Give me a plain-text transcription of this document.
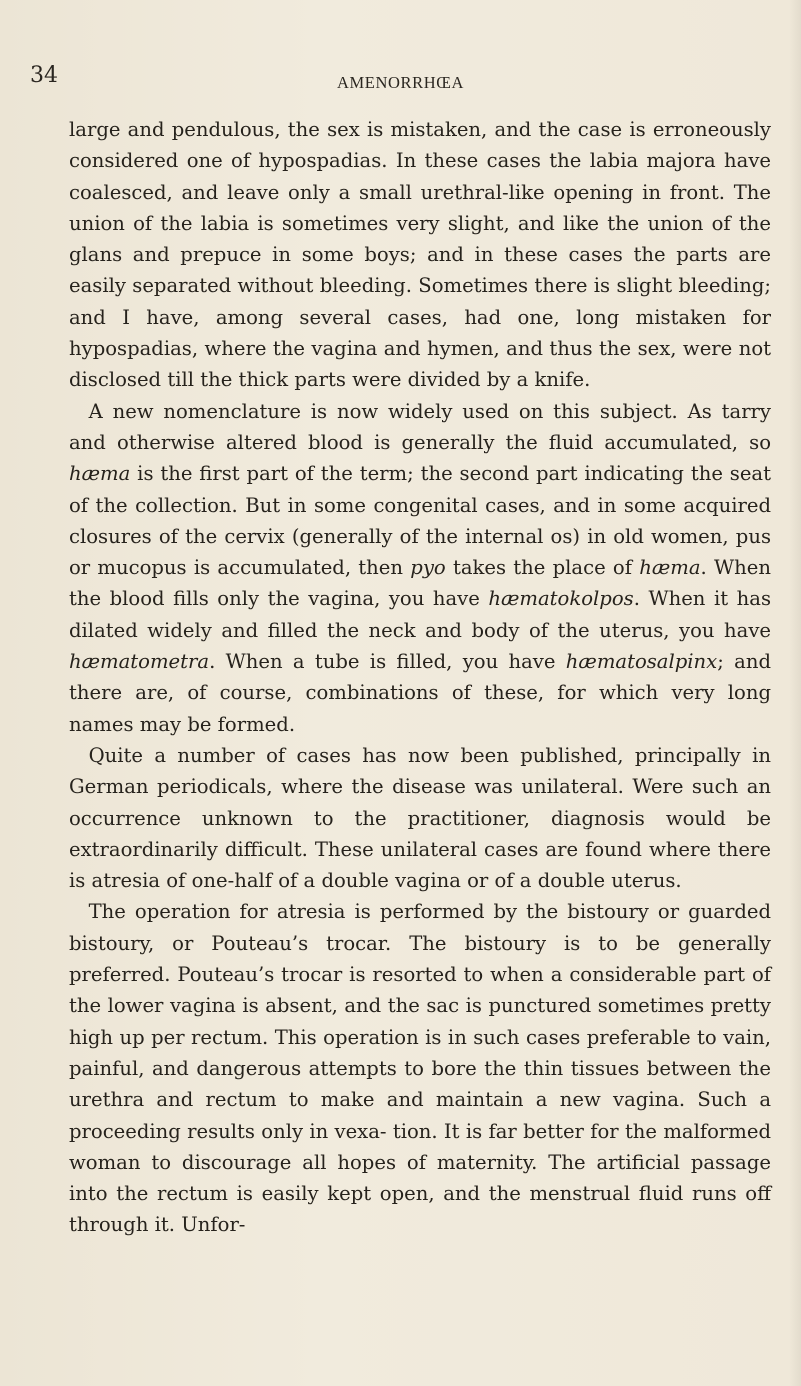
34	AMENORRHŒA

large and pendulous, the sex is mistaken, and the case is erroneously considered one of hypospadias. In these cases the labia majora have coalesced, and leave only a small urethral-like opening in front. The union of the labia is sometimes very slight, and like the union of the glans and prepuce in some boys; and in these cases the parts are easily separated without bleeding. Sometimes there is slight bleeding; and I have, among several cases, had one, long mistaken for hypospadias, where the vagina and hymen, and thus the sex, were not disclosed till the thick parts were divided by a knife.

 A new nomenclature is now widely used on this subject. As tarry and otherwise altered blood is generally the fluid accumulated, so hæma is the first part of the term; the second part indicating the seat of the collection. But in some congenital cases, and in some acquired closures of the cervix (generally of the internal os) in old women, pus or mucopus is accumulated, then pyo takes the place of hæma. When the blood fills only the vagina, you have hæmatokolpos. When it has dilated widely and filled the neck and body of the uterus, you have hæmatometra. When a tube is filled, you have hæmatosalpinx; and there are, of course, combinations of these, for which very long names may be formed.

 Quite a number of cases has now been published, principally in German periodicals, where the disease was unilateral. Were such an occurrence unknown to the practitioner, diagnosis would be extraordinarily difficult. These unilateral cases are found where there is atresia of one-half of a double vagina or of a double uterus.

 The operation for atresia is performed by the bistoury or guarded bistoury, or Pouteau’s trocar. The bistoury is to be generally preferred. Pouteau’s trocar is resorted to when a considerable part of the lower vagina is absent, and the sac is punctured sometimes pretty high up per rectum. This operation is in such cases preferable to vain, painful, and dangerous attempts to bore the thin tissues between the urethra and rectum to make and maintain a new vagina. Such a proceeding results only in vexa- tion. It is far better for the malformed woman to discourage all hopes of maternity. The artificial passage into the rectum is easily kept open, and the menstrual fluid runs off through it. Unfor-
